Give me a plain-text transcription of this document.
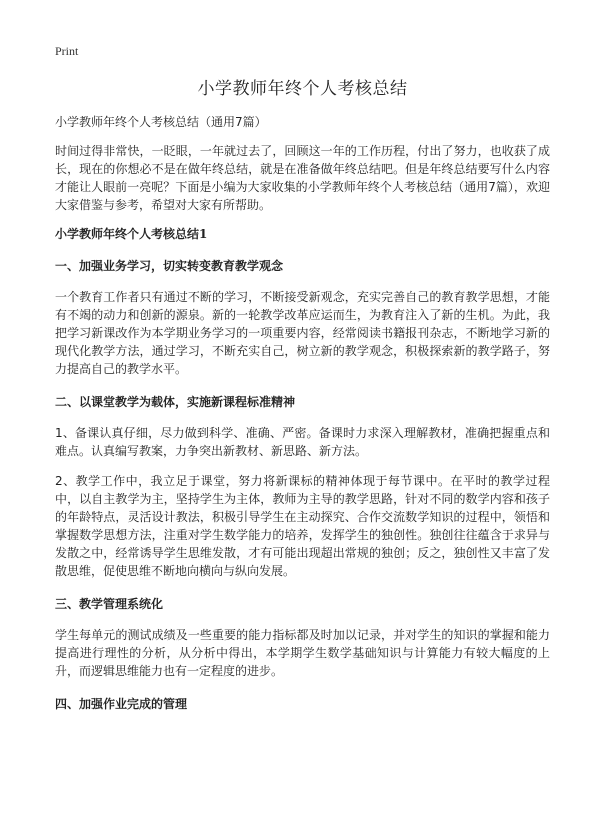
Print
小学教师年终个人考核总结

小学教师年终个人考核总结（通用7篇）

时间过得非常快，一眨眼，一年就过去了，回顾这一年的工作历程，付出了努力，也收获了成长，现在的你想必不是在做年终总结，就是在准备做年终总结吧。但是年终总结要写什么内容才能让人眼前一亮呢？下面是小编为大家收集的小学教师年终个人考核总结（通用7篇），欢迎大家借鉴与参考，希望对大家有所帮助。

小学教师年终个人考核总结1
一、加强业务学习，切实转变教育教学观念

一个教育工作者只有通过不断的学习，不断接受新观念，充实完善自己的教育教学思想，才能有不竭的动力和创新的源泉。新的一轮教学改革应运而生，为教育注入了新的生机。为此，我把学习新课改作为本学期业务学习的一项重要内容，经常阅读书籍报刊杂志，不断地学习新的现代化教学方法，通过学习，不断充实自己，树立新的教学观念，积极探索新的教学路子，努力提高自己的教学水平。

二、以课堂教学为载体，实施新课程标准精神

1、备课认真仔细，尽力做到科学、准确、严密。备课时力求深入理解教材，准确把握重点和难点。认真编写教案，力争突出新教材、新思路、新方法。

2、教学工作中，我立足于课堂，努力将新课标的精神体现于每节课中。在平时的教学过程中，以自主教学为主，坚持学生为主体，教师为主导的教学思路，针对不同的数学内容和孩子的年龄特点，灵活设计教法，积极引导学生在主动探究、合作交流数学知识的过程中，领悟和掌握数学思想方法，注重对学生数学能力的培养，发挥学生的独创性。独创往往蕴含于求异与发散之中，经常诱导学生思维发散，才有可能出现超出常规的独创；反之，独创性又丰富了发散思维，促使思维不断地向横向与纵向发展。

三、教学管理系统化

学生每单元的测试成绩及一些重要的能力指标都及时加以记录，并对学生的知识的掌握和能力提高进行理性的分析，从分析中得出，本学期学生数学基础知识与计算能力有较大幅度的上升，而逻辑思维能力也有一定程度的进步。

四、加强作业完成的管理
